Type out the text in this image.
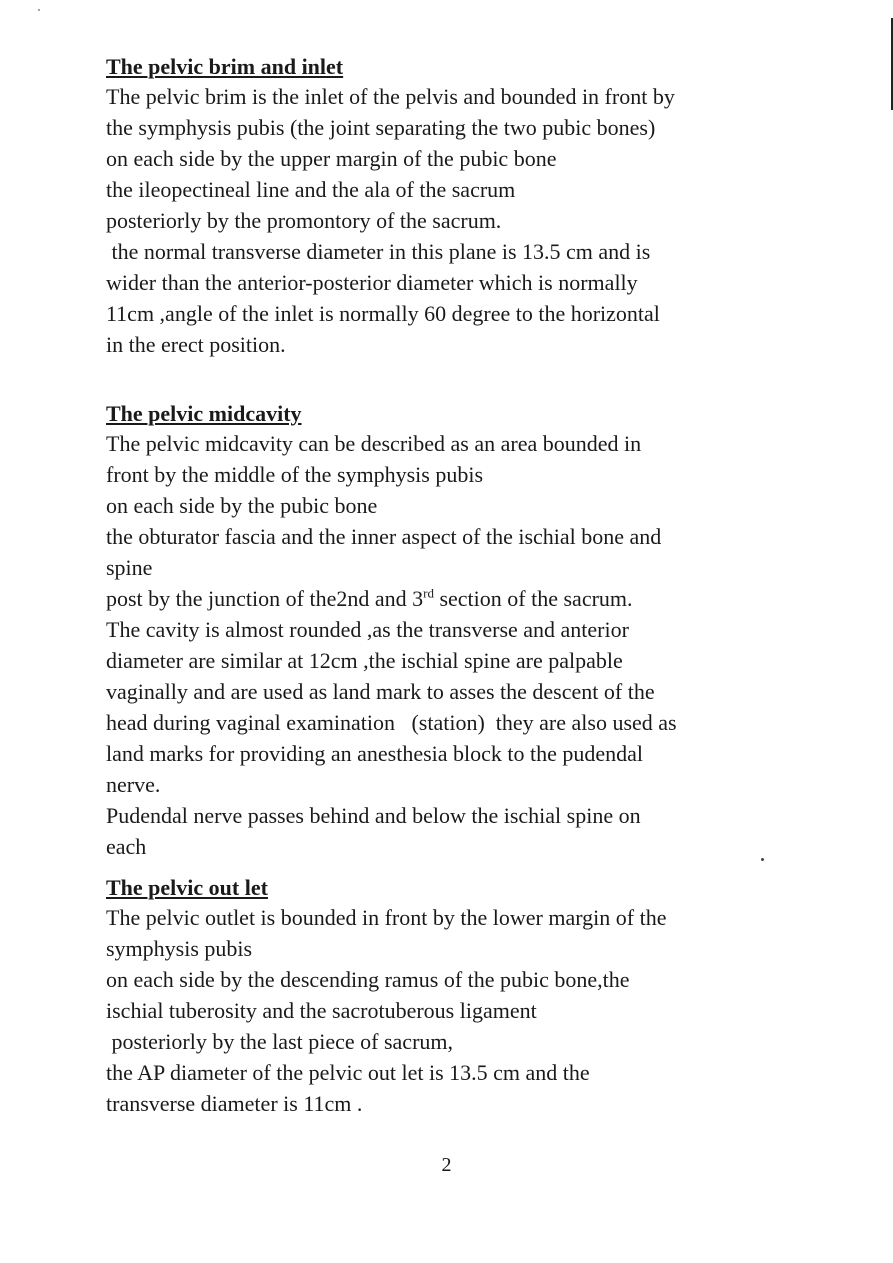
The pelvic brim and inlet

The pelvic brim is the inlet of the pelvis and bounded in front by

the symphysis pubis (the joint separating the two pubic bones)

on each side by the upper margin of the pubic bone

the ileopectineal line and the ala of the sacrum

posteriorly by the promontory of the sacrum.

the normal transverse diameter in this plane is 13.5 cm and is

wider than the anterior-posterior diameter which is normally

11cm ,angle of the inlet is normally 60 degree to the horizontal

in the erect position.

The pelvic midcavity

The pelvic midcavity can be described as an area bounded in

front by the middle of the symphysis pubis

on each side by the pubic bone

the obturator fascia and the inner aspect of the ischial bone and

spine

post by the junction of the2nd and 3rd section of the sacrum.

The cavity is almost rounded ,as the transverse and anterior

diameter are similar at 12cm ,the ischial spine are palpable

vaginally and are used as land mark to asses the descent of the

head during vaginal examination   (station)  they are also used as

land marks for providing an anesthesia block to the pudendal

nerve.

Pudendal nerve passes behind and below the ischial spine on

each

The pelvic out let

The pelvic outlet is bounded in front by the lower margin of the

symphysis pubis

on each side by the descending ramus of the pubic bone,the

ischial tuberosity and the sacrotuberous ligament

posteriorly by the last piece of sacrum,

the AP diameter of the pelvic out let is 13.5 cm and the

transverse diameter is 11cm .

2
